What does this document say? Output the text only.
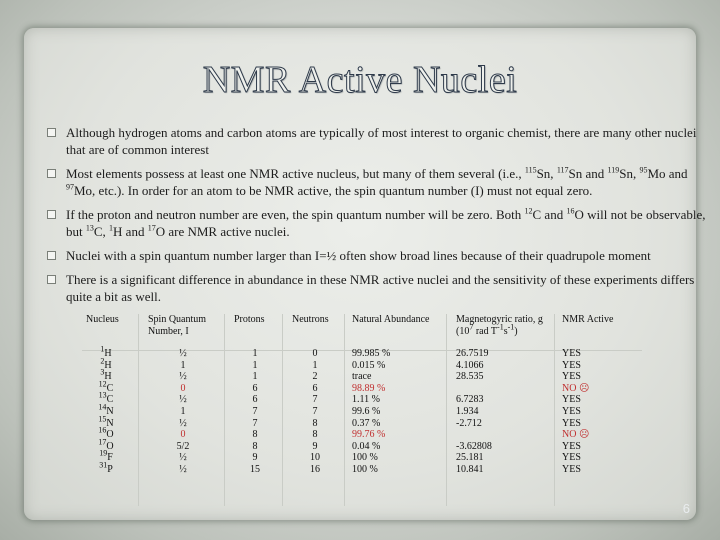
NMR Active Nuclei
Although hydrogen atoms and carbon atoms are typically of most interest to organic chemist, there are many other nuclei that are of common interest
Most elements possess at least one NMR active nucleus, but many of them several (i.e., $^{115}$Sn, $^{117}$Sn and $^{119}$Sn, $^{95}$Mo and $^{97}$Mo, etc.). In order for an atom to be NMR active, the spin quantum number (I) must not equal zero.
If the proton and neutron number are even, the spin quantum number will be zero. Both $^{12}$C and $^{16}$O will not be observable, but $^{13}$C, $^1$H and $^{17}$O are NMR active nuclei.
Nuclei with a spin quantum number larger than I=½ often show broad lines because of their quadrupole moment
There is a significant difference in abundance in these NMR active nuclei and the sensitivity of these experiments differs quite a bit as well.
Nucleus
$^1$H
$^2$H
$^3$H
$^{12}$C
$^{13}$C
$^{14}$N
$^{15}$N
$^{16}$O
$^{17}$O
$^{19}$F
$^{31}$P
Spin Quantum Number, I
½
1
½
0
½
1
½
0
5/2
½
½
Protons
1
1
1
6
6
7
7
8
8
9
15
Neutrons
0
1
2
6
7
7
8
8
9
10
16
Natural Abundance
99.985 %
0.015 %
trace
98.89 %
1.11 %
99.6 %
0.37 %
99.76 %
0.04 %
100 %
100 %
Magnetogyric ratio, g ($10^7$ rad $T^{-1}s^{-1}$)
26.7519
4.1066
28.535
6.7283
1.934
-2.712
-3.62808
25.181
10.841
NMR Active
YES
YES
YES
NO ☹
YES
YES
YES
NO ☹
YES
YES
YES
6
